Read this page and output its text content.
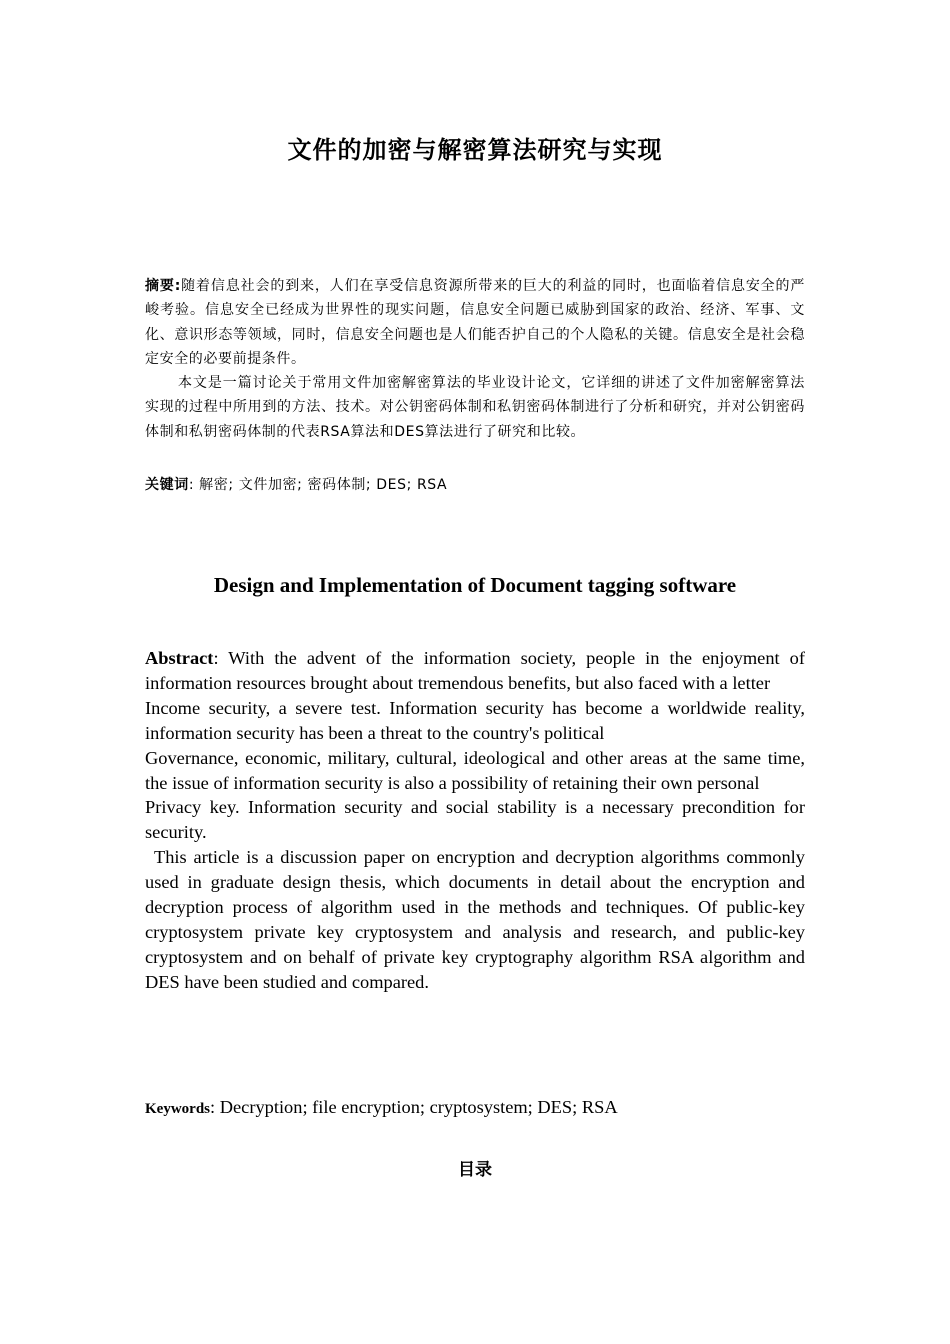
文件的加密与解密算法研究与实现

摘要:随着信息社会的到来，人们在享受信息资源所带来的巨大的利益的同时，也面临着信息安全的严峻考验。信息安全已经成为世界性的现实问题，信息安全问题已威胁到国家的政治、经济、军事、文化、意识形态等领域，同时，信息安全问题也是人们能否护自己的个人隐私的关键。信息安全是社会稳定安全的必要前提条件。

本文是一篇讨论关于常用文件加密解密算法的毕业设计论文，它详细的讲述了文件加密解密算法实现的过程中所用到的方法、技术。对公钥密码体制和私钥密码体制进行了分析和研究，并对公钥密码体制和私钥密码体制的代表RSA算法和DES算法进行了研究和比较。

关键词: 解密; 文件加密; 密码体制; DES; RSA
Design and Implementation of Document tagging software

Abstract: With the advent of the information society, people in the enjoyment of information resources brought about tremendous benefits, but also faced with a letter

Income security, a severe test. Information security has become a worldwide reality, information security has been a threat to the country's political

Governance, economic, military, cultural, ideological and other areas at the same time, the issue of information security is also a possibility of retaining their own personal

Privacy key. Information security and social stability is a necessary precondition for security.

This article is a discussion paper on encryption and decryption algorithms commonly used in graduate design thesis, which documents in detail about the encryption and decryption process of algorithm used in the methods and techniques. Of public-key cryptosystem private key cryptosystem and analysis and research, and public-key cryptosystem and on behalf of private key cryptography algorithm RSA algorithm and DES have been studied and compared.

Keywords: Decryption; file encryption; cryptosystem; DES; RSA
目录
